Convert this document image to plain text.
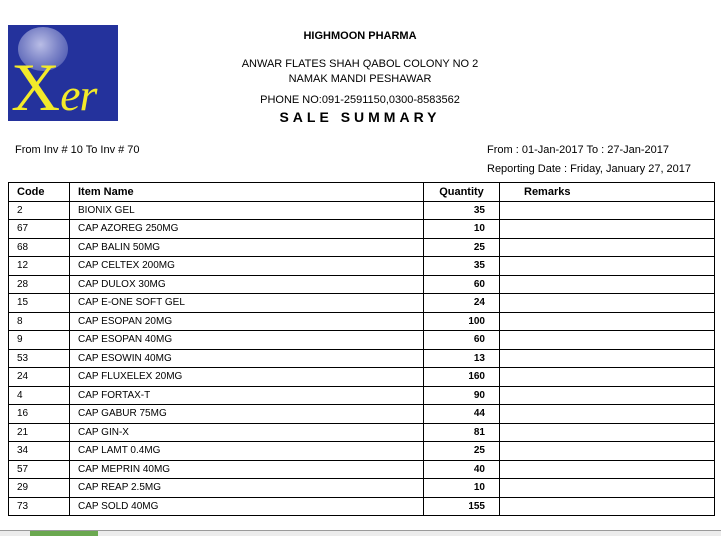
Xer
HIGHMOON PHARMA
ANWAR FLATES SHAH QABOL COLONY NO 2
NAMAK MANDI PESHAWAR
PHONE NO:091-2591150,0300-8583562
SALE SUMMARY
From Inv # 10 To Inv # 70	From : 01-Jan-2017 To : 27-Jan-2017
Reporting Date : Friday, January 27, 2017
Code	Item Name	Quantity	Remarks
2	BIONIX GEL	35	
67	CAP AZOREG 250MG	10	
68	CAP BALIN 50MG	25	
12	CAP CELTEX 200MG	35	
28	CAP DULOX 30MG	60	
15	CAP E-ONE SOFT GEL	24	
8	CAP ESOPAN 20MG	100	
9	CAP ESOPAN 40MG	60	
53	CAP ESOWIN 40MG	13	
24	CAP FLUXELEX 20MG	160	
4	CAP FORTAX-T	90	
16	CAP GABUR 75MG	44	
21	CAP GIN-X	81	
34	CAP LAMT 0.4MG	25	
57	CAP MEPRIN 40MG	40	
29	CAP REAP 2.5MG	10	
73	CAP SOLD 40MG	155	
